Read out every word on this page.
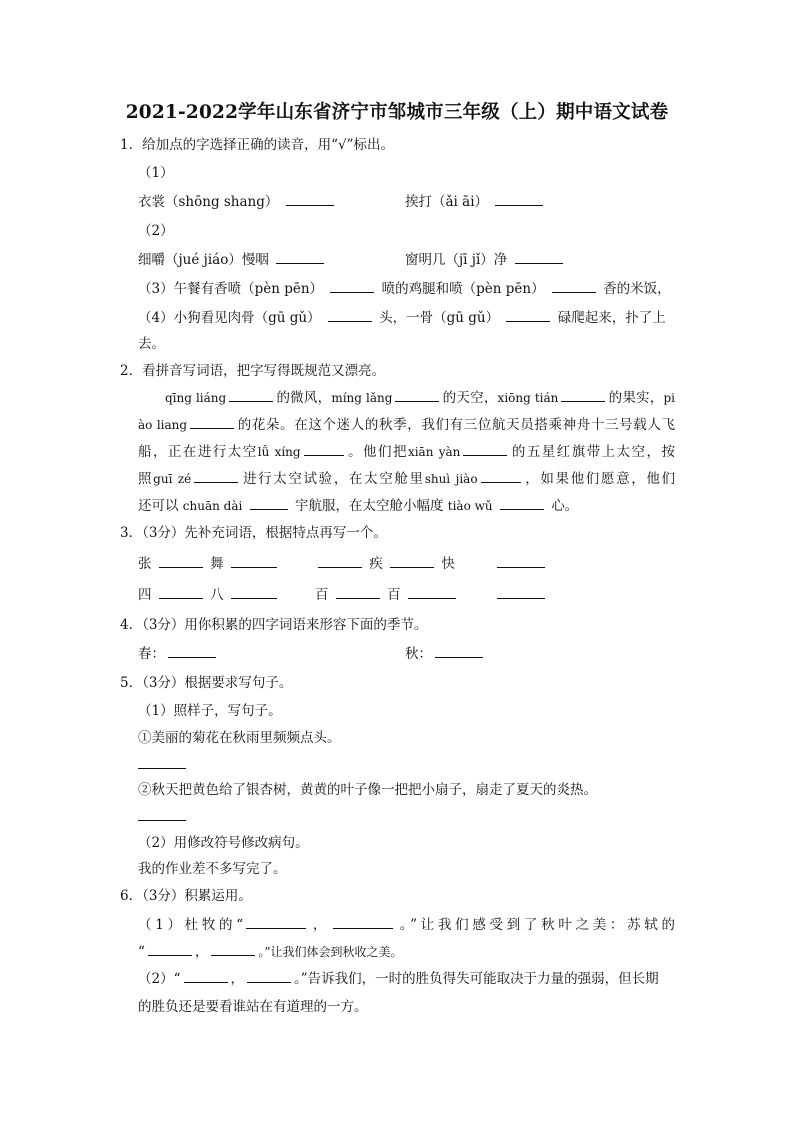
2021-2022学年山东省济宁市邹城市三年级（上）期中语文试卷
1．给加点的字选择正确的读音，用“√”标出。
（1）
衣裳（shōng shang）	挨打（ǎi āi）
（2）
细嚼（jué jiáo）慢咽	窗明几（jī jǐ）净
（3）午餐有香喷（pèn pēn）	喷的鸡腿和喷（pèn pēn）	香的米饭，
（4）小狗看见肉骨（gū gǔ）	头，一骨（gū gǔ）	碌爬起来，扑了上
去。
2．看拼音写词语，把字写得既规范又漂亮。
qīng liáng	的微风，míng lǎng	的天空，xiōng tián	的果实，pi
ào liang	的花朵。在这个迷人的秋季，我们有三位航天员搭乘神舟十三号载人飞
船，正在进行太空lǚ xíng	。他们把xiān yàn	的五星红旗带上太空，按
照guī zé	进行太空试验，在太空舱里shuì jiào	，如果他们愿意，他们
还可以 chuān dài	宇航服，在太空舱小幅度 tiào wǔ	心。
3．（3分）先补充词语，根据特点再写一个。
张	舞	疾	快
四	八	百	百
4．（3分）用你积累的四字词语来形容下面的季节。
春：	秋：
5．（3分）根据要求写句子。
（1）照样子，写句子。
①美丽的菊花在秋雨里频频点头。
②秋天把黄色给了银杏树，黄黄的叶子像一把把小扇子，扇走了夏天的炎热。
（2）用修改符号修改病句。
我的作业差不多写完了。
6．（3分）积累运用。
（1）杜牧的“	，	。”让我们感受到了秋叶之美：苏轼的
“	，	。”让我们体会到秋收之美。
（2）“	，	。”告诉我们，一时的胜负得失可能取决于力量的强弱，但长期
的胜负还是要看谁站在有道理的一方。
